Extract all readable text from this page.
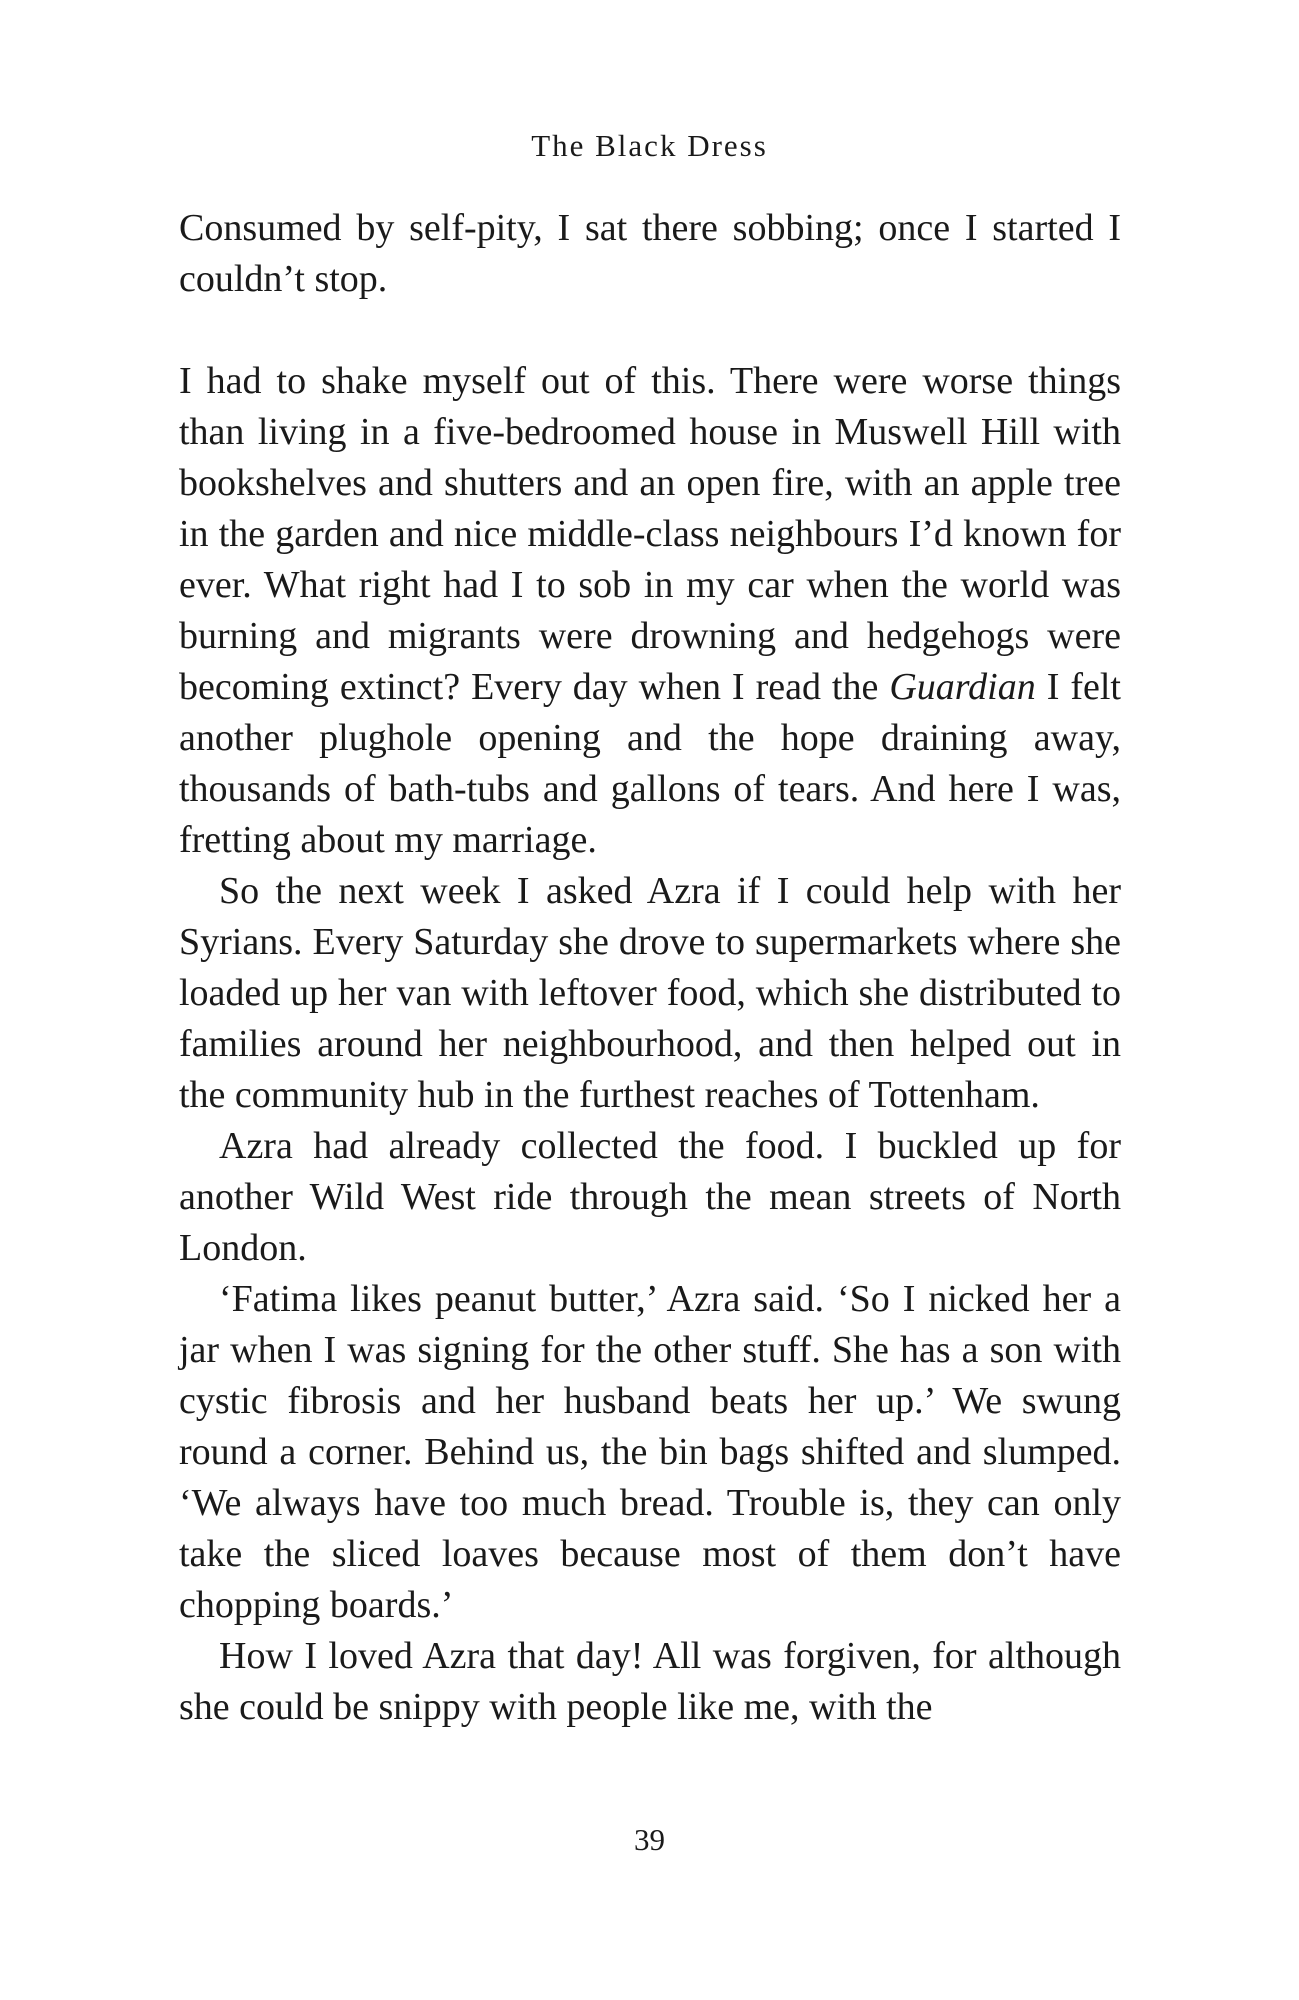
The Black Dress

Consumed by self-pity, I sat there sobbing; once I started I couldn’t stop.

I had to shake myself out of this. There were worse things than living in a five-bedroomed house in Muswell Hill with bookshelves and shutters and an open fire, with an apple tree in the garden and nice middle-class neighbours I’d known for ever. What right had I to sob in my car when the world was burning and migrants were drowning and hedgehogs were becoming extinct? Every day when I read the Guardian I felt another plughole opening and the hope draining away, thousands of bath-tubs and gallons of tears. And here I was, fretting about my marriage.

So the next week I asked Azra if I could help with her Syrians. Every Saturday she drove to supermarkets where she loaded up her van with leftover food, which she distributed to families around her neighbourhood, and then helped out in the community hub in the furthest reaches of Tottenham.

Azra had already collected the food. I buckled up for another Wild West ride through the mean streets of North London.

‘Fatima likes peanut butter,’ Azra said. ‘So I nicked her a jar when I was signing for the other stuff. She has a son with cystic fibrosis and her husband beats her up.’ We swung round a corner. Behind us, the bin bags shifted and slumped. ‘We always have too much bread. Trouble is, they can only take the sliced loaves because most of them don’t have chopping boards.’

How I loved Azra that day! All was forgiven, for although she could be snippy with people like me, with the

39
